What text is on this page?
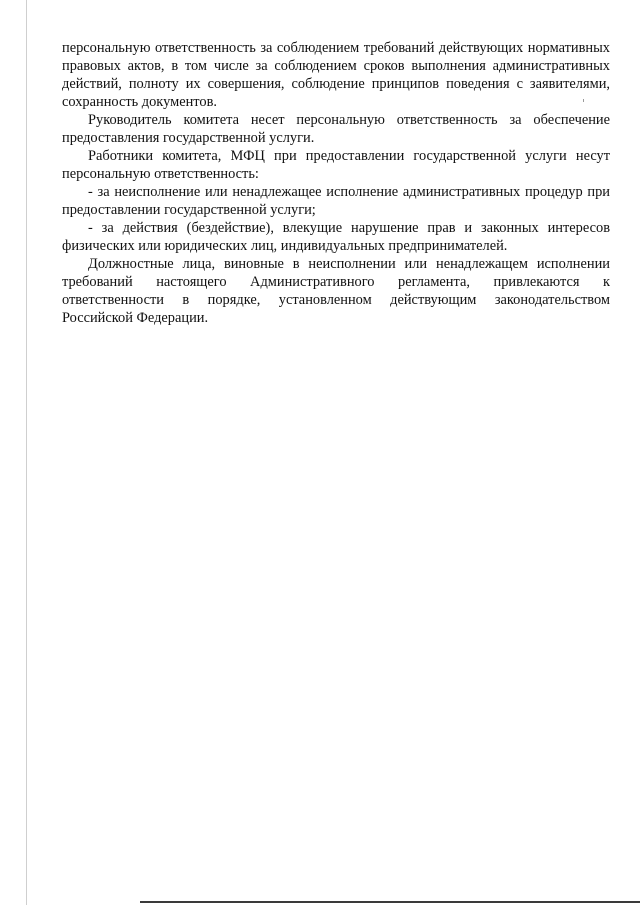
персональную ответственность за соблюдением требований действующих нормативных правовых актов, в том числе за соблюдением сроков выполнения административных действий, полноту их совершения, соблюдение принципов поведения с заявителями, сохранность документов.

Руководитель комитета несет персональную ответственность за обеспечение предоставления государственной услуги.

Работники комитета, МФЦ при предоставлении государственной услуги несут персональную ответственность:

- за неисполнение или ненадлежащее исполнение административных процедур при предоставлении государственной услуги;

- за действия (бездействие), влекущие нарушение прав и законных интересов физических или юридических лиц, индивидуальных предпринимателей.

Должностные лица, виновные в неисполнении или ненадлежащем исполнении требований настоящего Административного регламента, привлекаются к ответственности в порядке, установленном действующим законодательством Российской Федерации.
